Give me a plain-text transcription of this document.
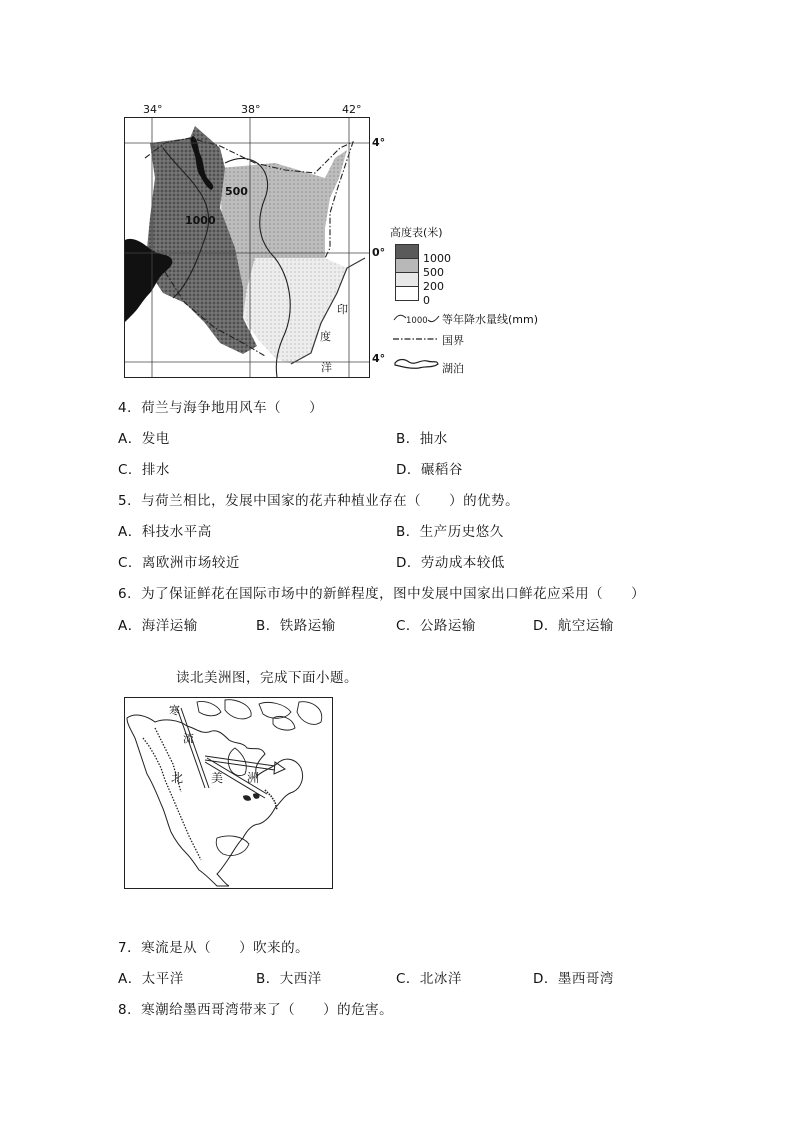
34°	38°	42°
4°
0°
4°
500
1000
印
度
洋
高度表(米)
1000
500
200
0
1000 等年降水量线(mm)
国界
湖泊
4．荷兰与海争地用风车（　　）
A．发电	B．抽水
C．排水	D．碾稻谷
5．与荷兰相比，发展中国家的花卉种植业存在（　　）的优势。
A．科技水平高	B．生产历史悠久
C．离欧洲市场较近	D．劳动成本较低
6．为了保证鲜花在国际市场中的新鲜程度，图中发展中国家出口鲜花应采用（　　）
A．海洋运输	B．铁路运输	C．公路运输	D．航空运输
读北美洲图，完成下面小题。
寒
流
北 美 洲
7．寒流是从（　　）吹来的。
A．太平洋	B．大西洋	C．北冰洋	D．墨西哥湾
8．寒潮给墨西哥湾带来了（　　）的危害。
